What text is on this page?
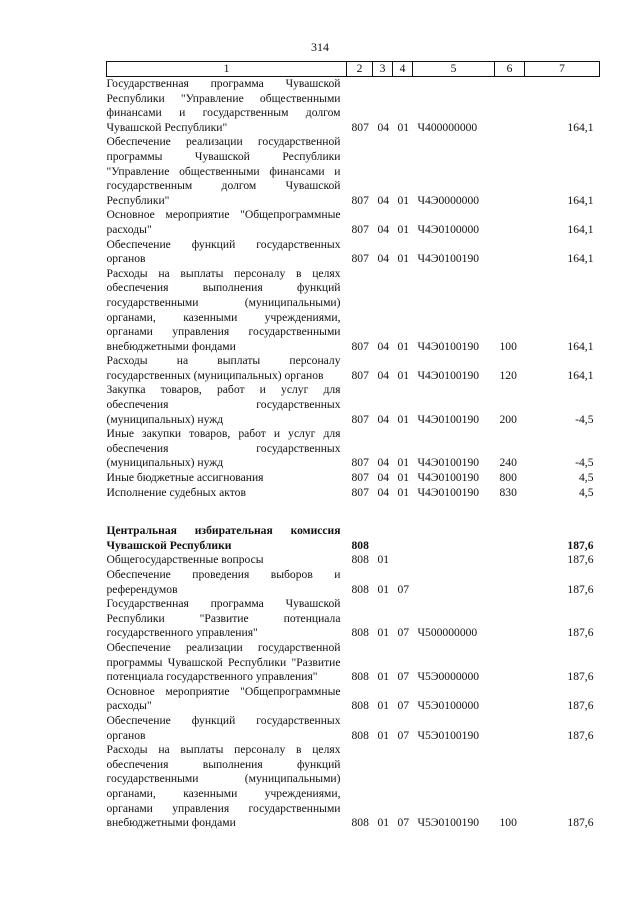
314
1	2	3	4	5	6	7
Государственная программа Чувашской Республики "Управление общественными финансами и государственным долгом Чувашской Республики"	807	04	01	Ч400000000		164,1
Обеспечение реализации государственной программы Чувашской Республики "Управление общественными финансами и государственным долгом Чувашской Республики"	807	04	01	Ч4Э0000000		164,1
Основное мероприятие "Общепрограммные расходы"	807	04	01	Ч4Э0100000		164,1
Обеспечение функций государственных органов	807	04	01	Ч4Э0100190		164,1
Расходы на выплаты персоналу в целях обеспечения выполнения функций государственными (муниципальными) органами, казенными учреждениями, органами управления государственными внебюджетными фондами	807	04	01	Ч4Э0100190	100	164,1
Расходы на выплаты персоналу государственных (муниципальных) органов	807	04	01	Ч4Э0100190	120	164,1
Закупка товаров, работ и услуг для обеспечения государственных (муниципальных) нужд	807	04	01	Ч4Э0100190	200	-4,5
Иные закупки товаров, работ и услуг для обеспечения государственных (муниципальных) нужд	807	04	01	Ч4Э0100190	240	-4,5
Иные бюджетные ассигнования	807	04	01	Ч4Э0100190	800	4,5
Исполнение судебных актов	807	04	01	Ч4Э0100190	830	4,5

Центральная избирательная комиссия Чувашской Республики	808					187,6
Общегосударственные вопросы	808	01				187,6
Обеспечение проведения выборов и референдумов	808	01	07			187,6
Государственная программа Чувашской Республики "Развитие потенциала государственного управления"	808	01	07	Ч500000000		187,6
Обеспечение реализации государственной программы Чувашской Республики "Развитие потенциала государственного управления"	808	01	07	Ч5Э0000000		187,6
Основное мероприятие "Общепрограммные расходы"	808	01	07	Ч5Э0100000		187,6
Обеспечение функций государственных органов	808	01	07	Ч5Э0100190		187,6
Расходы на выплаты персоналу в целях обеспечения выполнения функций государственными (муниципальными) органами, казенными учреждениями, органами управления государственными внебюджетными фондами	808	01	07	Ч5Э0100190	100	187,6
